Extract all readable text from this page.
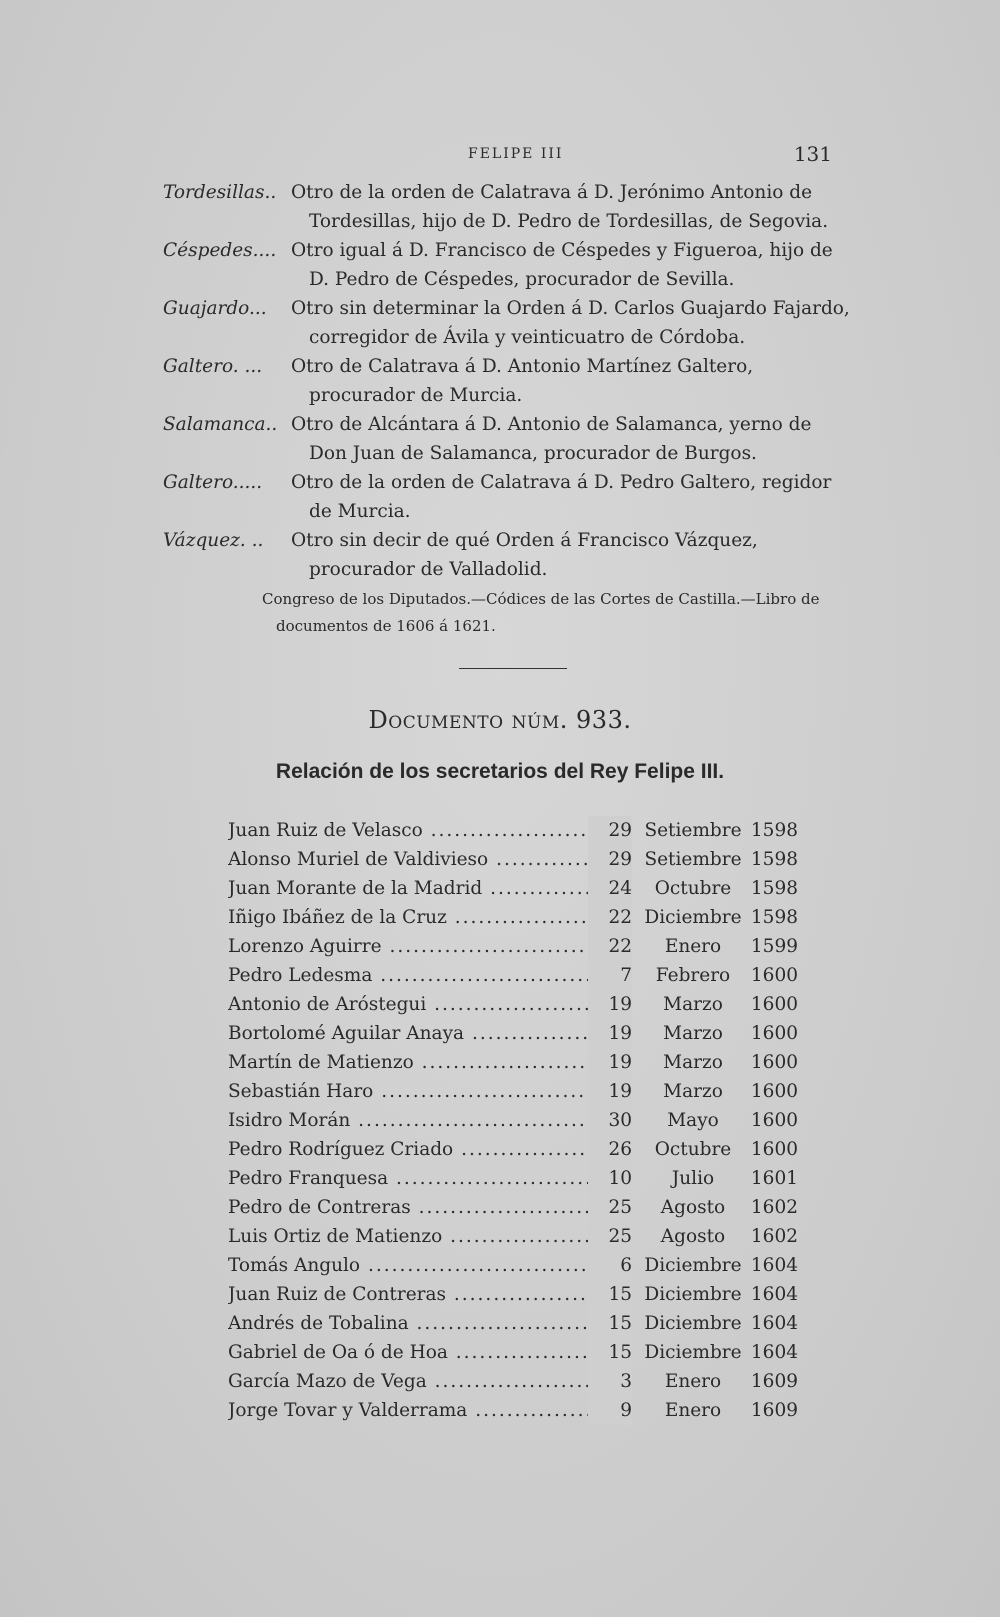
FELIPE III	131
Tordesillas.. Otro de la orden de Calatrava á D. Jerónimo Antonio de Tordesillas, hijo de D. Pedro de Tordesillas, de Segovia.
Céspedes.... Otro igual á D. Francisco de Céspedes y Figueroa, hijo de D. Pedro de Céspedes, procurador de Sevilla.
Guajardo...	Otro sin determinar la Orden á D. Carlos Guajardo Fajardo, corregidor de Ávila y veinticuatro de Córdoba.
Galtero. ...	Otro de Calatrava á D. Antonio Martínez Galtero, procurador de Murcia.
Salamanca.. Otro de Alcántara á D. Antonio de Salamanca, yerno de Don Juan de Salamanca, procurador de Burgos.
Galtero.....	Otro de la orden de Calatrava á D. Pedro Galtero, regidor de Murcia.
Vázquez. ..	Otro sin decir de qué Orden á Francisco Vázquez, procurador de Valladolid.
Congreso de los Diputados.—Códices de las Cortes de Castilla.—Libro de
documentos de 1606 á 1621.
Documento núm. 933.
Relación de los secretarios del Rey Felipe III.
Juan Ruiz de Velasco .....	29 Setiembre 1598
Alonso Muriel de Valdivieso .....	29 Setiembre 1598
Juan Morante de la Madrid .....	24	Octubre	1598
Iñigo Ibáñez de la Cruz .....	22 Diciembre 1598
Lorenzo Aguirre .....	22	Enero	1599
Pedro Ledesma .....	7	Febrero	1600
Antonio de Aróstegui .....	19	Marzo	1600
Bortolomé Aguilar Anaya .....	19	Marzo	1600
Martín de Matienzo .....	19	Marzo	1600
Sebastián Haro .....	19	Marzo	1600
Isidro Morán .....	30	Mayo	1600
Pedro Rodríguez Criado .....	26	Octubre	1600
Pedro Franquesa .....	10	Julio	1601
Pedro de Contreras .....	25	Agosto	1602
Luis Ortiz de Matienzo .....	25	Agosto	1602
Tomás Angulo .....	6 Diciembre 1604
Juan Ruiz de Contreras .....	15 Diciembre 1604
Andrés de Tobalina .....	15 Diciembre 1604
Gabriel de Oa ó de Hoa .....	15 Diciembre 1604
García Mazo de Vega .....	3	Enero	1609
Jorge Tovar y Valderrama .....	9	Enero	1609
